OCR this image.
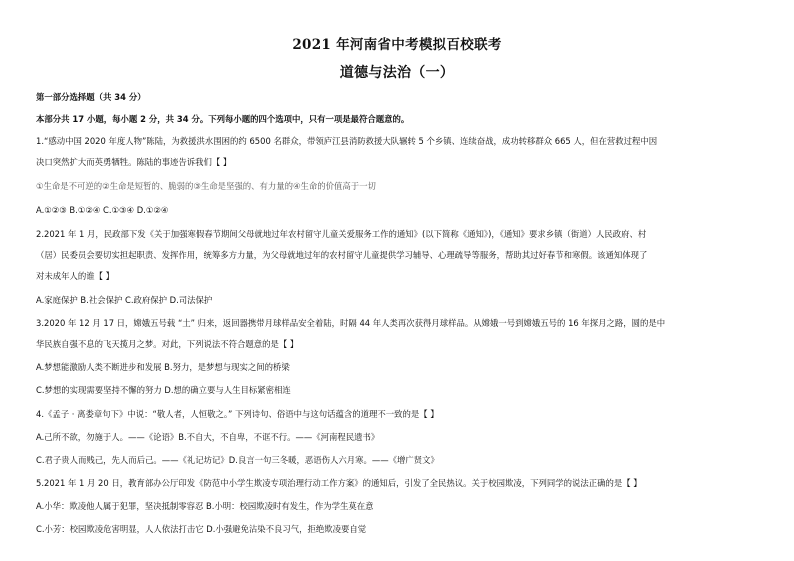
2021 年河南省中考模拟百校联考
道德与法治（一）
第一部分选择题（共 34 分）
本部分共 17 小题，每小题 2 分，共 34 分。下列每小题的四个选项中，只有一项是最符合题意的。
1.“感动中国 2020 年度人物”陈陆，为救援洪水围困的约 6500 名群众，带领庐江县消防救援大队辗转 5 个乡镇、连续奋战，成功转移群众 665 人，但在营救过程中因
决口突然扩大而英勇牺牲。陈陆的事迹告诉我们【 】
①生命是不可逆的②生命是短暂的、脆弱的③生命是坚强的、有力量的④生命的价值高于一切
A.①②③ B.①②④ C.①③④ D.①②④
2.2021 年 1 月，民政部下发《关于加强寒假春节期间父母就地过年农村留守儿童关爱服务工作的通知》(以下简称《通知》)，《通知》要求乡镇（街道）人民政府、村
（居）民委员会要切实担起职责、发挥作用，统筹多方力量，为父母就地过年的农村留守儿童提供学习辅导、心理疏导等服务，帮助其过好春节和寒假。该通知体现了
对未成年人的谁【 】
A.家庭保护 B.社会保护 C.政府保护 D.司法保护
3.2020 年 12 月 17 日，嫦娥五号载 “土” 归来，返回器携带月球样品安全着陆，时隔 44 年人类再次获得月球样品。从嫦娥一号到嫦娥五号的 16 年探月之路，圆的是中
华民族自强不息的飞天揽月之梦。对此，下列说法不符合题意的是【 】
A.梦想能激励人类不断进步和发展 B.努力，是梦想与现实之间的桥梁
C.梦想的实现需要坚持不懈的努力 D.想的确立要与人生目标紧密相连
4.《孟子 · 离娄章句下》中说：“敬人者，人恒敬之。” 下列诗句、俗语中与这句话蕴含的道理不一致的是【 】
A.己所不欲，勿施于人。——《论语》B.不自大，不自卑，不诓不行。——《河南程民遗书》
C.君子贵人而贱己，先人而后己。——《礼记坊记》D.良言一句三冬暖，恶语伤人六月寒。——《增广贤文》
5.2021 年 1 月 20 日，教育部办公厅印发《防范中小学生欺凌专项治理行动工作方案》的通知后，引发了全民热议。关于校园欺凌，下列同学的说法正确的是【 】
A.小华：欺凌他人属于犯罪，坚决抵制零容忍 B.小明：校园欺凌时有发生，作为学生莫在意
C.小芳：校园欺凌危害明显，人人依法打击它 D.小强避免沾染不良习气，拒绝欺凌要自觉
